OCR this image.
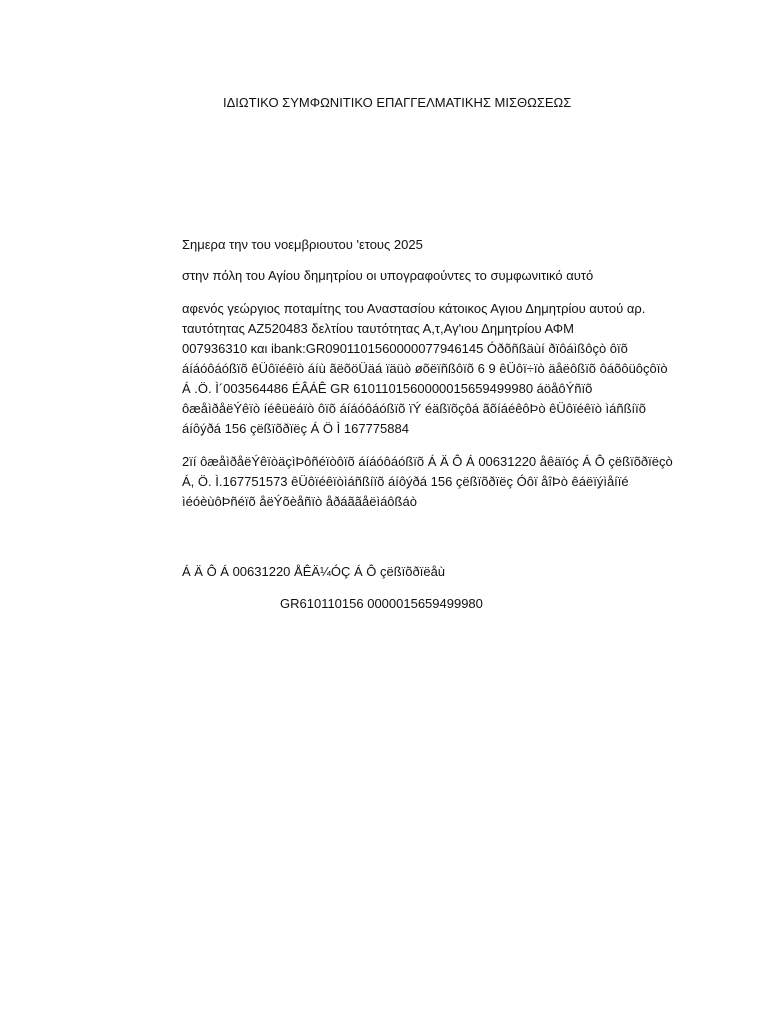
ΙΔΙΩΤΙΚΟ ΣΥΜΦΩΝΙΤΙΚΟ ΕΠΑΓΓΕΛΜΑΤΙΚΗΣ ΜΙΣΘΩΣΕΩΣ
Σημερα την του νοεμβριουτου 'ετους 2025
στην πόλη του Αγίου δημητρίου οι υπογραφούντες το συμφωνιτικό αυτό
αφενός γεώργιος ποταμίτης του Αναστασίου κάτοικος Αγιου Δημητρίου αυτού αρ.
ταυτότητας ΑΖ520483 δελτίου ταυτότητας Α,τ,Αγ'ιου Δημητρίου ΑΦΜ
007936310 και ibank:GR0901101560000077946145 Óðõñßäùí ðïôáìßôçò ôïõ
áíáóôáóßïõ êÜôïéêïò áíù ãëõöÜäá ïäüò øõëïñßôïõ 6 9 êÜôï÷ïò äåëôßïõ ôáõôüôçôïò
Á .Ö. Ì´003564486 ÉÂÁÊ GR 6101101560000015659499980 áöåôÝñïõ
ôæåìðåëÝêïò íéêüëáïò ôïõ áíáóôáóßïõ ïÝ éäßïõçôá ãõíáéêôÞò êÜôïéêïò ìáñßíïõ
áíôýðá 156 çëßïõðïëç Á Ö Ì 167775884
2ïí ôæåìðåëÝêïòäçìÞôñéïòôïõ áíáóôáóßïõ Á Ä Ô Á 00631220 åêäïóç Á Ô çëßïõðïëçò
Á, Ö. Ì.167751573 êÜôïéêïòìáñßíïõ áíôýðá 156 çëßïõðïëç Óôï åîÞò êáëïýìåíïé
ìéóèùôÞñéïõ åëÝõèåñïò åðáããåëìáôßáò
Á Ä Ô Á 00631220 ÅÊÄ¼ÓÇ Á Ô çëßïõðïëåù
GR610110156 0000015659499980
